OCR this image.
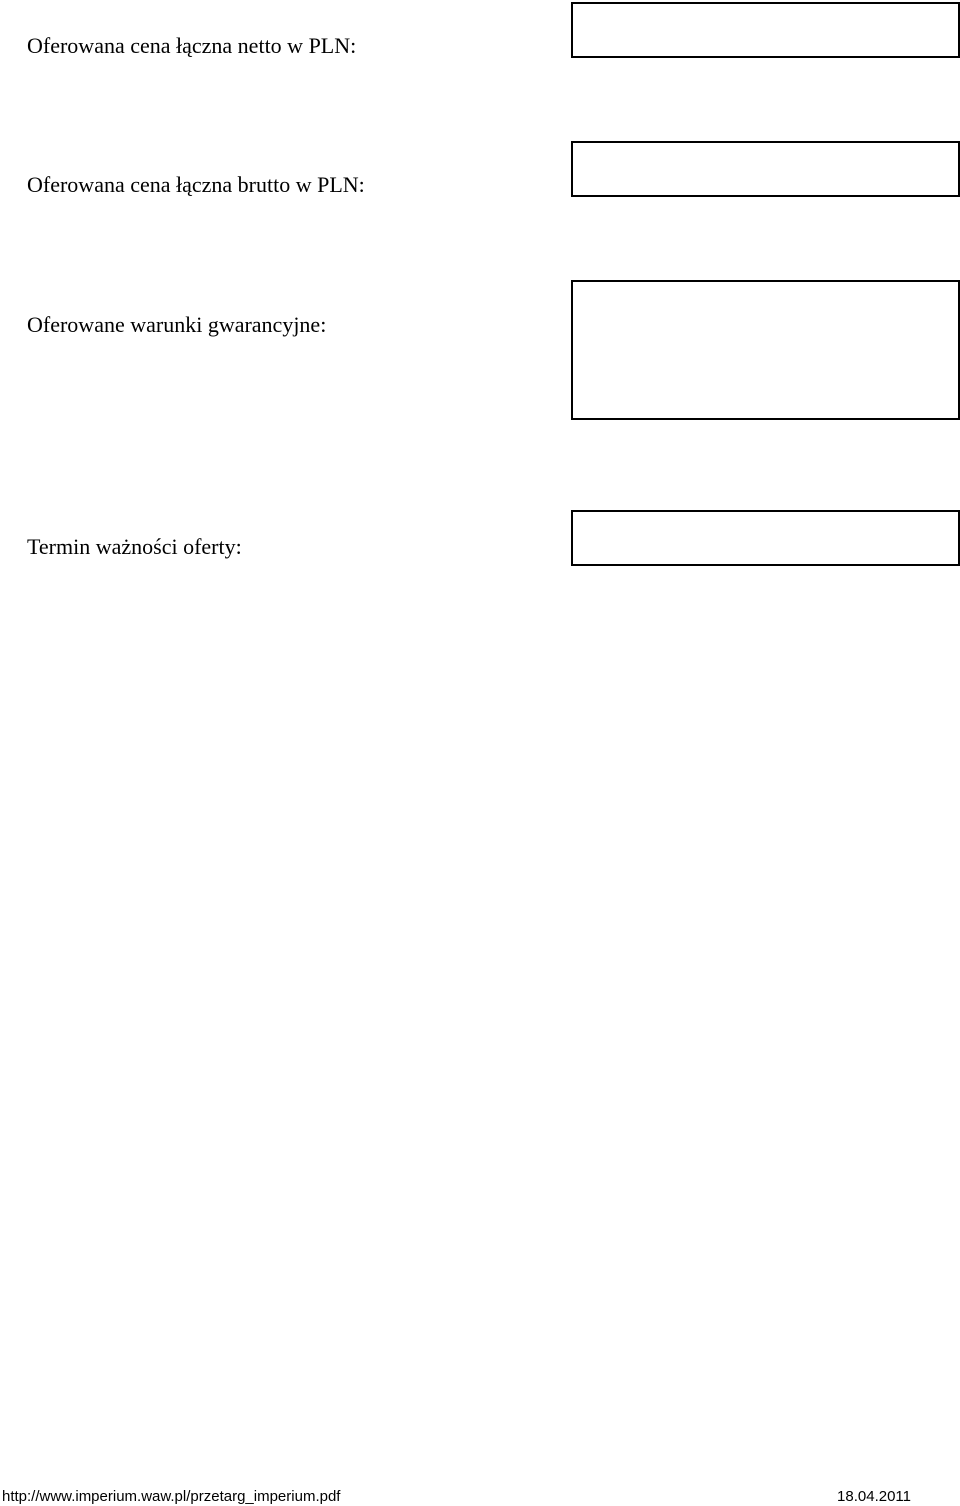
Oferowana cena łączna netto w PLN:
Oferowana cena łączna brutto w PLN:
Oferowane warunki gwarancyjne:
Termin ważności oferty:
http://www.imperium.waw.pl/przetarg_imperium.pdf	18.04.2011
